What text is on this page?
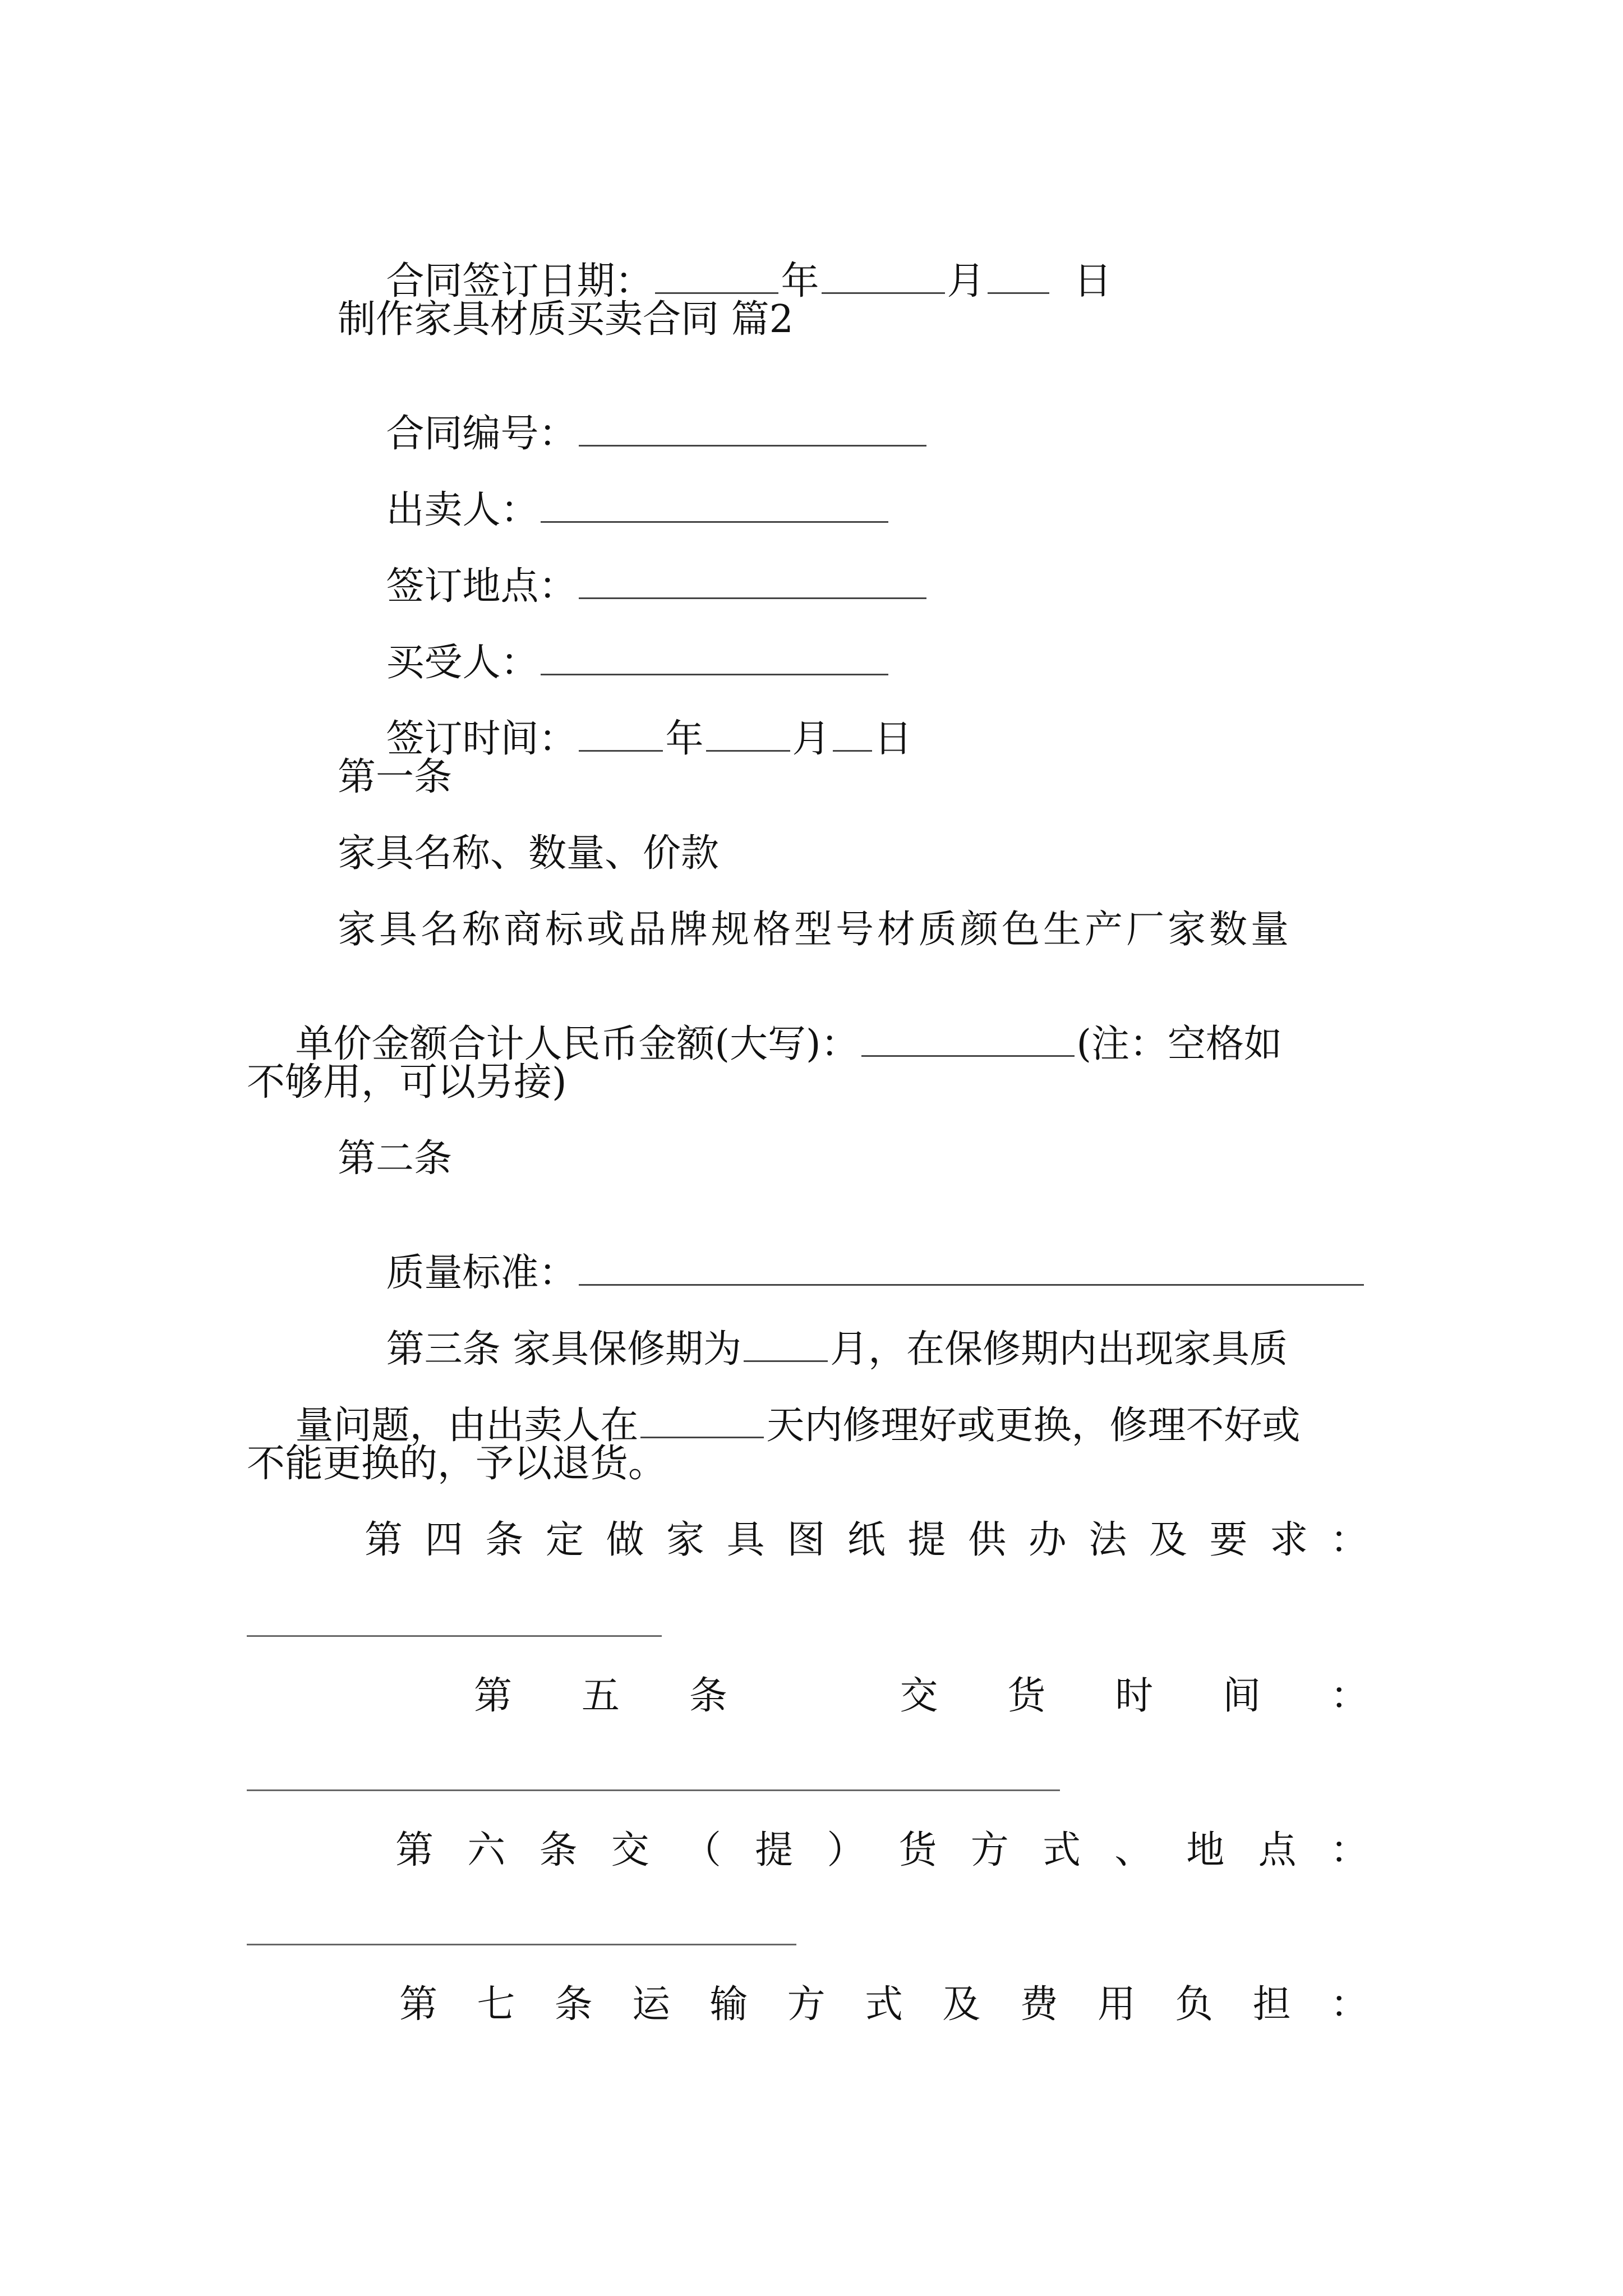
合同签订日期：	年	月 日

制作家具材质买卖合同 篇2

合同编号：

出卖人：

签订地点：

买受人：

签订时间： 年 月 日

第一条
家具名称、数量、价款
家具名称商标或品牌规格型号材质颜色生产厂家数量

单价金额合计人民币金额(大写)：	(注：空格如

不够用，可以另接)
第二条

质量标准：

第三条 家具保修期为 月，在保修期内出现家具质

量问题，由出卖人在	天内修理好或更换，修理不好或

不能更换的，予以退货。
第 四 条 定 做 家 具 图 纸 提 供 办 法 及 要 求 ：
第 五 条	交 货 时 间 ：
第 六 条 交 （ 提 ） 货 方 式 、 地 点 ：
第 七 条 运 输 方 式 及 费 用 负 担 ：
